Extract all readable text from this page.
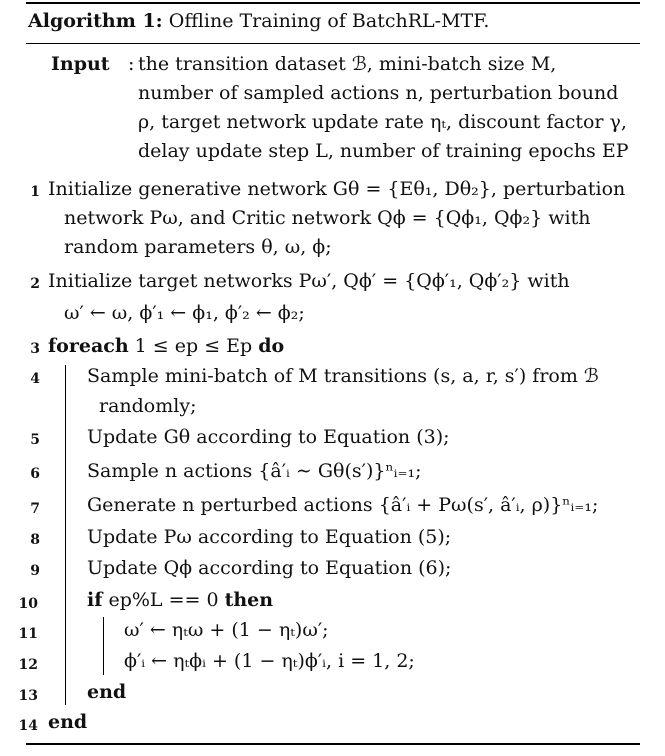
Algorithm 1: Offline Training of BatchRL-MTF.
Input : the transition dataset ℬ, mini-batch size M,
number of sampled actions n, perturbation bound
ρ, target network update rate ηₜ, discount factor γ,
delay update step L, number of training epochs EP
1 Initialize generative network Gθ = {Eθ₁, Dθ₂}, perturbation
network Pω, and Critic network Qϕ = {Qϕ₁, Qϕ₂} with
random parameters θ, ω, ϕ;
2 Initialize target networks Pω′, Qϕ′ = {Qϕ′₁, Qϕ′₂} with
ω′ ← ω, ϕ′₁ ← ϕ₁, ϕ′₂ ← ϕ₂;
3 foreach 1 ≤ ep ≤ Ep do
4 Sample mini-batch of M transitions (s, a, r, s′) from ℬ
randomly;
5 Update Gθ according to Equation (3);
6 Sample n actions {â′ᵢ ∼ Gθ(s′)}ⁿᵢ₌₁;
7 Generate n perturbed actions {â′ᵢ + Pω(s′, â′ᵢ, ρ)}ⁿᵢ₌₁;
8 Update Pω according to Equation (5);
9 Update Qϕ according to Equation (6);
10	if ep%L == 0 then
11	ω′ ← ηₜω + (1 − ηₜ)ω′;
12	ϕ′ᵢ ← ηₜϕᵢ + (1 − ηₜ)ϕ′ᵢ, i = 1, 2;
13	end
14 end
